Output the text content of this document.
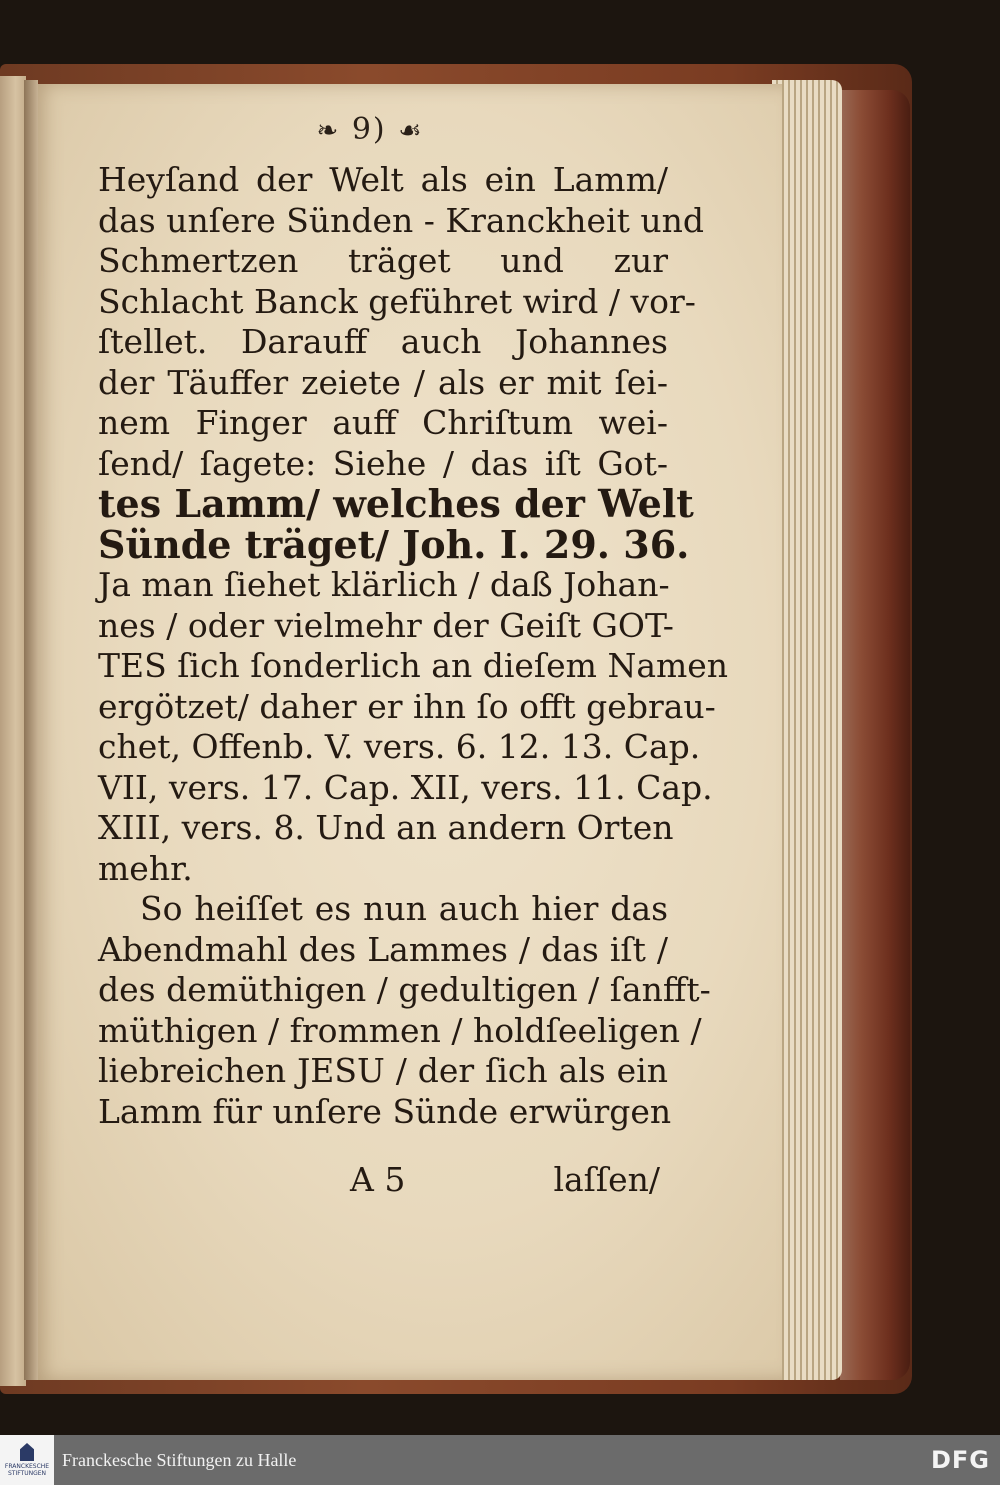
❧ 9) ☙
Heyſand der Welt als ein Lamm/
das unſere Sünden - Kranckheit und
Schmertzen träget und zur
Schlacht Banck geführet wird / vor-
ſtellet. Darauff auch Johannes
der Täuffer zeiete / als er mit ſei-
nem Finger auff Chriſtum wei-
ſend/ ſagete: Siehe / das iſt Got-
tes Lamm/ welches der Welt
Sünde träget/ Joh. I. 29. 36.
Ja man ſiehet klärlich / daß Johan-
nes / oder vielmehr der Geiſt GOT-
TES ſich ſonderlich an dieſem Namen
ergötzet/ daher er ihn ſo offt gebrau-
chet, Offenb. V. vers. 6. 12. 13. Cap.
VII, vers. 17. Cap. XII, vers. 11. Cap.
XIII, vers. 8. Und an andern Orten
mehr.
So heiſſet es nun auch hier das
Abendmahl des Lammes / das iſt /
des demüthigen / gedultigen / ſanfft-
müthigen / frommen / holdſeeligen /
liebreichen JESU / der ſich als ein
Lamm für unſere Sünde erwürgen
A 5	laſſen/
FRANCKESCHE
STIFTUNGEN
Franckesche Stiftungen zu Halle	DFG
